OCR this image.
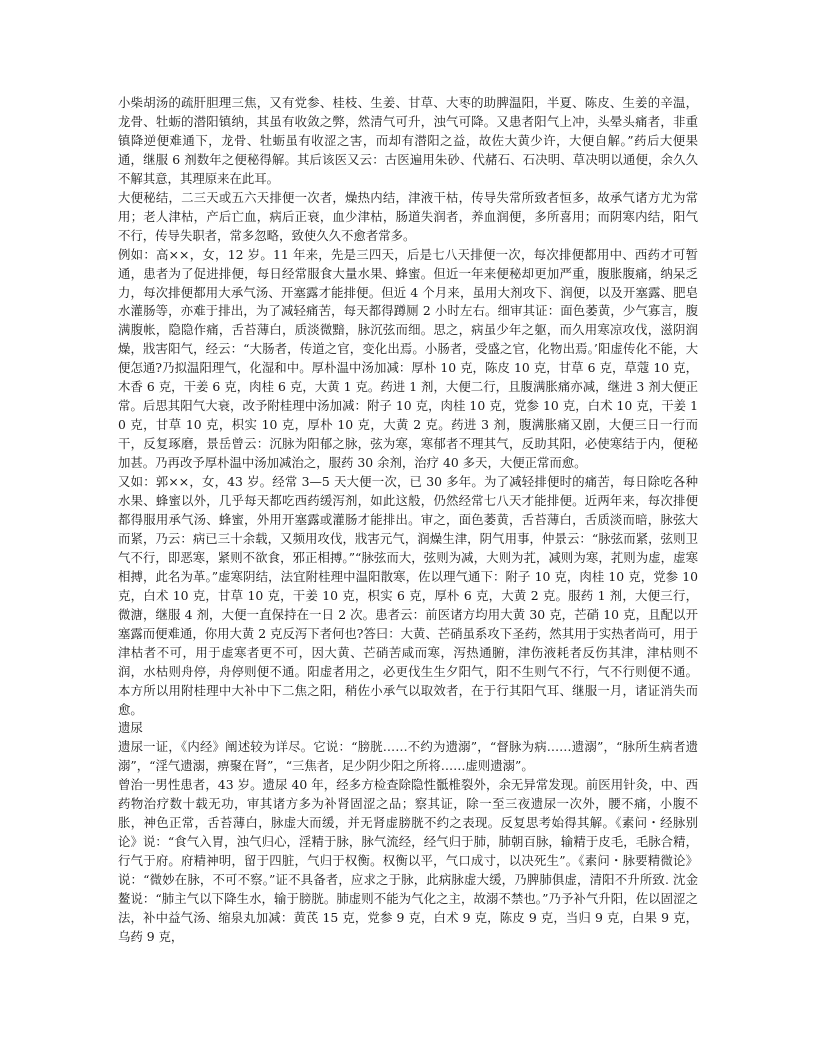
小柴胡汤的疏肝胆理三焦，又有党参、桂枝、生姜、甘草、大枣的助脾温阳，半夏、陈皮、生姜的辛温，龙骨、牡蛎的潜阳镇纳，其虽有收敛之弊，然清气可升，浊气可降。又患者阳气上冲，头晕头痛者，非重镇降逆便难通下，龙骨、牡蛎虽有收涩之害，而却有潜阳之益，故佐大黄少许，大便自解。”药后大便果通，继服 6 剂数年之便秘得解。其后该医又云：古医遍用朱砂、代赭石、石决明、草决明以通便，余久久不解其意，其理原来在此耳。

大便秘结，二三天或五六天排便一次者，燥热内结，津液干枯，传导失常所致者恒多，故承气诸方尤为常用；老人津枯，产后亡血，病后正衰，血少津枯，肠道失润者，养血润便，多所喜用；而阴寒内结，阳气不行，传导失职者，常多忽略，致使久久不愈者常多。

例如：高××，女，12 岁。11 年来，先是三四天，后是七八天排便一次，每次排便都用中、西药才可暂通，患者为了促进排便，每日经常服食大量水果、蜂蜜。但近一年来便秘却更加严重，腹胀腹痛，纳呆乏力，每次排便都用大承气汤、开塞露才能排便。但近 4 个月来，虽用大剂攻下、润便，以及开塞露、肥皂水灌肠等，亦难于排出，为了减轻痛苦，每天都得蹲厕 2 小时左右。细审其证：面色萎黄，少气寡言，腹满腹帐，隐隐作痛，舌苔薄白，质淡微黯，脉沉弦而细。思之，病虽少年之躯，而久用寒凉攻伐，滋阴润燥，戕害阳气，经云：“大肠者，传道之官，变化出焉。小肠者，受盛之官，化物出焉。’阳虚传化不能，大便怎通?乃拟温阳理气，化湿和中。厚朴温中汤加减：厚朴 10 克，陈皮 10 克，甘草 6 克，草蔻 10 克，木香 6 克，干姜 6 克，肉桂 6 克，大黄 1 克。药进 1 剂，大便二行，且腹满胀痛亦减，继进 3 剂大便正常。后思其阳气大衰，改予附桂理中汤加减：附子 10 克，肉桂 10 克，党参 10 克，白术 10 克，干姜 10 克，甘草 10 克，枳实 10 克，厚朴 10 克，大黄 2 克。药进 3 剂，腹满胀痛又剧，大便三日一行而干，反复琢磨，景岳曾云：沉脉为阳郁之脉，弦为寒，寒郁者不理其气，反助其阳，必使寒结于内，便秘加甚。乃再改予厚朴温中汤加减治之，服药 30 余剂，治疗 40 多天，大便正常而愈。

又如：郭××，女，43 岁。经常 3—5 天大便一次，已 30 多年。为了减轻排便时的痛苦，每日除吃各种水果、蜂蜜以外，几乎每天都吃西药缓泻剂，如此这般，仍然经常七八天才能排便。近两年来，每次排便都得服用承气汤、蜂蜜，外用开塞露或灌肠才能排出。审之，面色萎黄，舌苔薄白，舌质淡而暗，脉弦大而紧，乃云：病已三十余载，又频用攻伐，戕害元气，润燥生津，阴气用事，仲景云：“脉弦而紧，弦则卫气不行，即恶寒，紧则不欲食，邪正相搏。”“脉弦而大，弦则为减，大则为芤，减则为寒，芤则为虚，虚寒相搏，此名为革。”虚寒阴结，法宜附桂理中温阳散寒，佐以理气通下：附子 10 克，肉桂 10 克，党参 10 克，白术 10 克，甘草 10 克，干姜 10 克，枳实 6 克，厚朴 6 克，大黄 2 克。服药 1 剂，大便三行，微溏，继服 4 剂，大便一直保持在一日 2 次。患者云：前医诸方均用大黄 30 克，芒硝 10 克，且配以开塞露而便难通，你用大黄 2 克反泻下者何也?答曰：大黄、芒硝虽系攻下圣药，然其用于实热者尚可，用于津枯者不可，用于虚寒者更不可，因大黄、芒硝苦咸而寒，泻热通腑，津伤液耗者反伤其津，津枯则不润，水枯则舟停，舟停则便不通。阳虚者用之，必更伐生生夕阳气，阳不生则气不行，气不行则便不通。本方所以用附桂理中大补中下二焦之阳，稍佐小承气以取效者，在于行其阳气耳、继服一月，诸证消失而愈。

遗尿

遗尿一证，《内经》阐述较为详尽。它说：“膀胱……不约为遗溺”，“督脉为病……遗溺”，“脉所生病者遗溺”，“淫气遗溺，痹聚在肾”，“三焦者，足少阴少阳之所将……虚则遗溺”。

曾治一男性患者，43 岁。遗尿 40 年，经多方检查除隐性骶椎裂外，余无异常发现。前医用针灸，中、西药物治疗数十载无功，审其诸方多为补肾固涩之品；察其证，除一至三夜遗尿一次外，腰不痛，小腹不胀，神色正常，舌苔薄白，脉虚大而缓，并无肾虚膀胱不约之表现。反复思考始得其解。《素问・经脉别论》说：“食气入胃，浊气归心，淫精于脉，脉气流经，经气归于肺，肺朝百脉，输精于皮毛，毛脉合精，行气于府。府精神明，留于四脏，气归于权衡。权衡以平，气口成寸，以决死生”。《素问・脉要精微论》说：“微妙在脉，不可不察。”证不具备者，应求之于脉，此病脉虚大缓，乃脾肺俱虚，清阳不升所致. 沈金鳌说：“肺主气以下降生水，输于膀胱。肺虚则不能为气化之主，故溺不禁也。”乃予补气升阳，佐以固涩之法，补中益气汤、缩泉丸加减：黄芪 15 克，党参 9 克，白术 9 克，陈皮 9 克，当归 9 克，白果 9 克，乌药 9 克，
